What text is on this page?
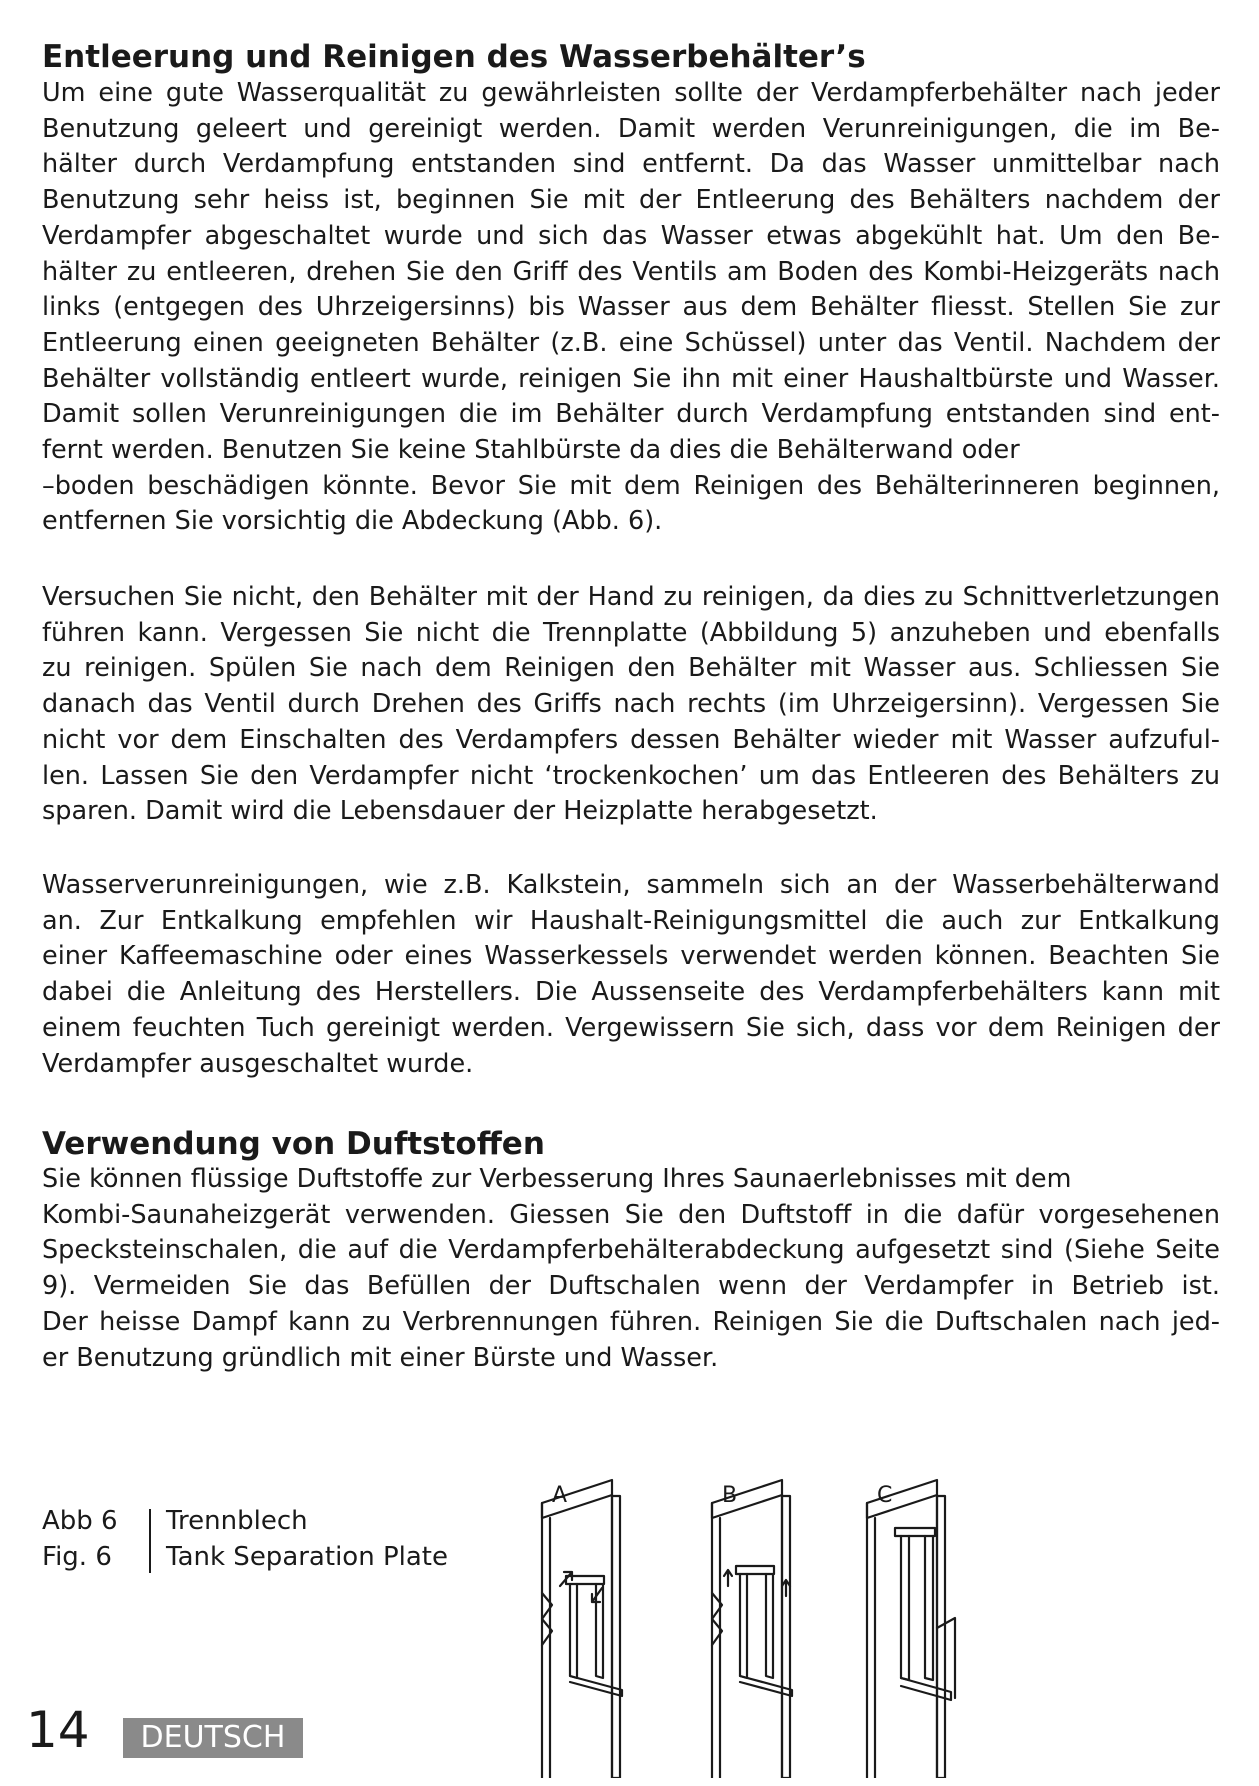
Entleerung und Reinigen des Wasserbehälter’s
Um eine gute Wasserqualität zu gewährleisten sollte der Verdampferbehälter nach jeder
Benutzung geleert und gereinigt werden. Damit werden Verunreinigungen, die im Be-
hälter durch Verdampfung entstanden sind entfernt. Da das Wasser unmittelbar nach
Benutzung sehr heiss ist, beginnen Sie mit der Entleerung des Behälters nachdem der
Verdampfer abgeschaltet wurde und sich das Wasser etwas abgekühlt hat. Um den Be-
hälter zu entleeren, drehen Sie den Griff des Ventils am Boden des Kombi-Heizgeräts nach
links (entgegen des Uhrzeigersinns) bis Wasser aus dem Behälter fliesst. Stellen Sie zur
Entleerung einen geeigneten Behälter (z.B. eine Schüssel) unter das Ventil. Nachdem der
Behälter vollständig entleert wurde, reinigen Sie ihn mit einer Haushaltbürste und Wasser.
Damit sollen Verunreinigungen die im Behälter durch Verdampfung entstanden sind ent-
fernt werden. Benutzen Sie keine Stahlbürste da dies die Behälterwand oder
–boden beschädigen könnte. Bevor Sie mit dem Reinigen des Behälterinneren beginnen,
entfernen Sie vorsichtig die Abdeckung (Abb. 6).
Versuchen Sie nicht, den Behälter mit der Hand zu reinigen, da dies zu Schnittverletzungen
führen kann. Vergessen Sie nicht die Trennplatte (Abbildung 5) anzuheben und ebenfalls
zu reinigen. Spülen Sie nach dem Reinigen den Behälter mit Wasser aus. Schliessen Sie
danach das Ventil durch Drehen des Griffs nach rechts (im Uhrzeigersinn). Vergessen Sie
nicht vor dem Einschalten des Verdampfers dessen Behälter wieder mit Wasser aufzuful-
len. Lassen Sie den Verdampfer nicht ‘trockenkochen’ um das Entleeren des Behälters zu
sparen. Damit wird die Lebensdauer der Heizplatte herabgesetzt.
Wasserverunreinigungen, wie z.B. Kalkstein, sammeln sich an der Wasserbehälterwand
an. Zur Entkalkung empfehlen wir Haushalt-Reinigungsmittel die auch zur Entkalkung
einer Kaffeemaschine oder eines Wasserkessels verwendet werden können. Beachten Sie
dabei die Anleitung des Herstellers. Die Aussenseite des Verdampferbehälters kann mit
einem feuchten Tuch gereinigt werden. Vergewissern Sie sich, dass vor dem Reinigen der
Verdampfer ausgeschaltet wurde.
Verwendung von Duftstoffen
Sie können flüssige Duftstoffe zur Verbesserung Ihres Saunaerlebnisses mit dem
Kombi-Saunaheizgerät verwenden. Giessen Sie den Duftstoff in die dafür vorgesehenen
Specksteinschalen, die auf die Verdampferbehälterabdeckung aufgesetzt sind (Siehe Seite
9). Vermeiden Sie das Befüllen der Duftschalen wenn der Verdampfer in Betrieb ist.
Der heisse Dampf kann zu Verbrennungen führen. Reinigen Sie die Duftschalen nach jed-
er Benutzung gründlich mit einer Bürste und Wasser.
Abb 6
Fig. 6
Trennblech
Tank Separation Plate
A	B	C
14	DEUTSCH
